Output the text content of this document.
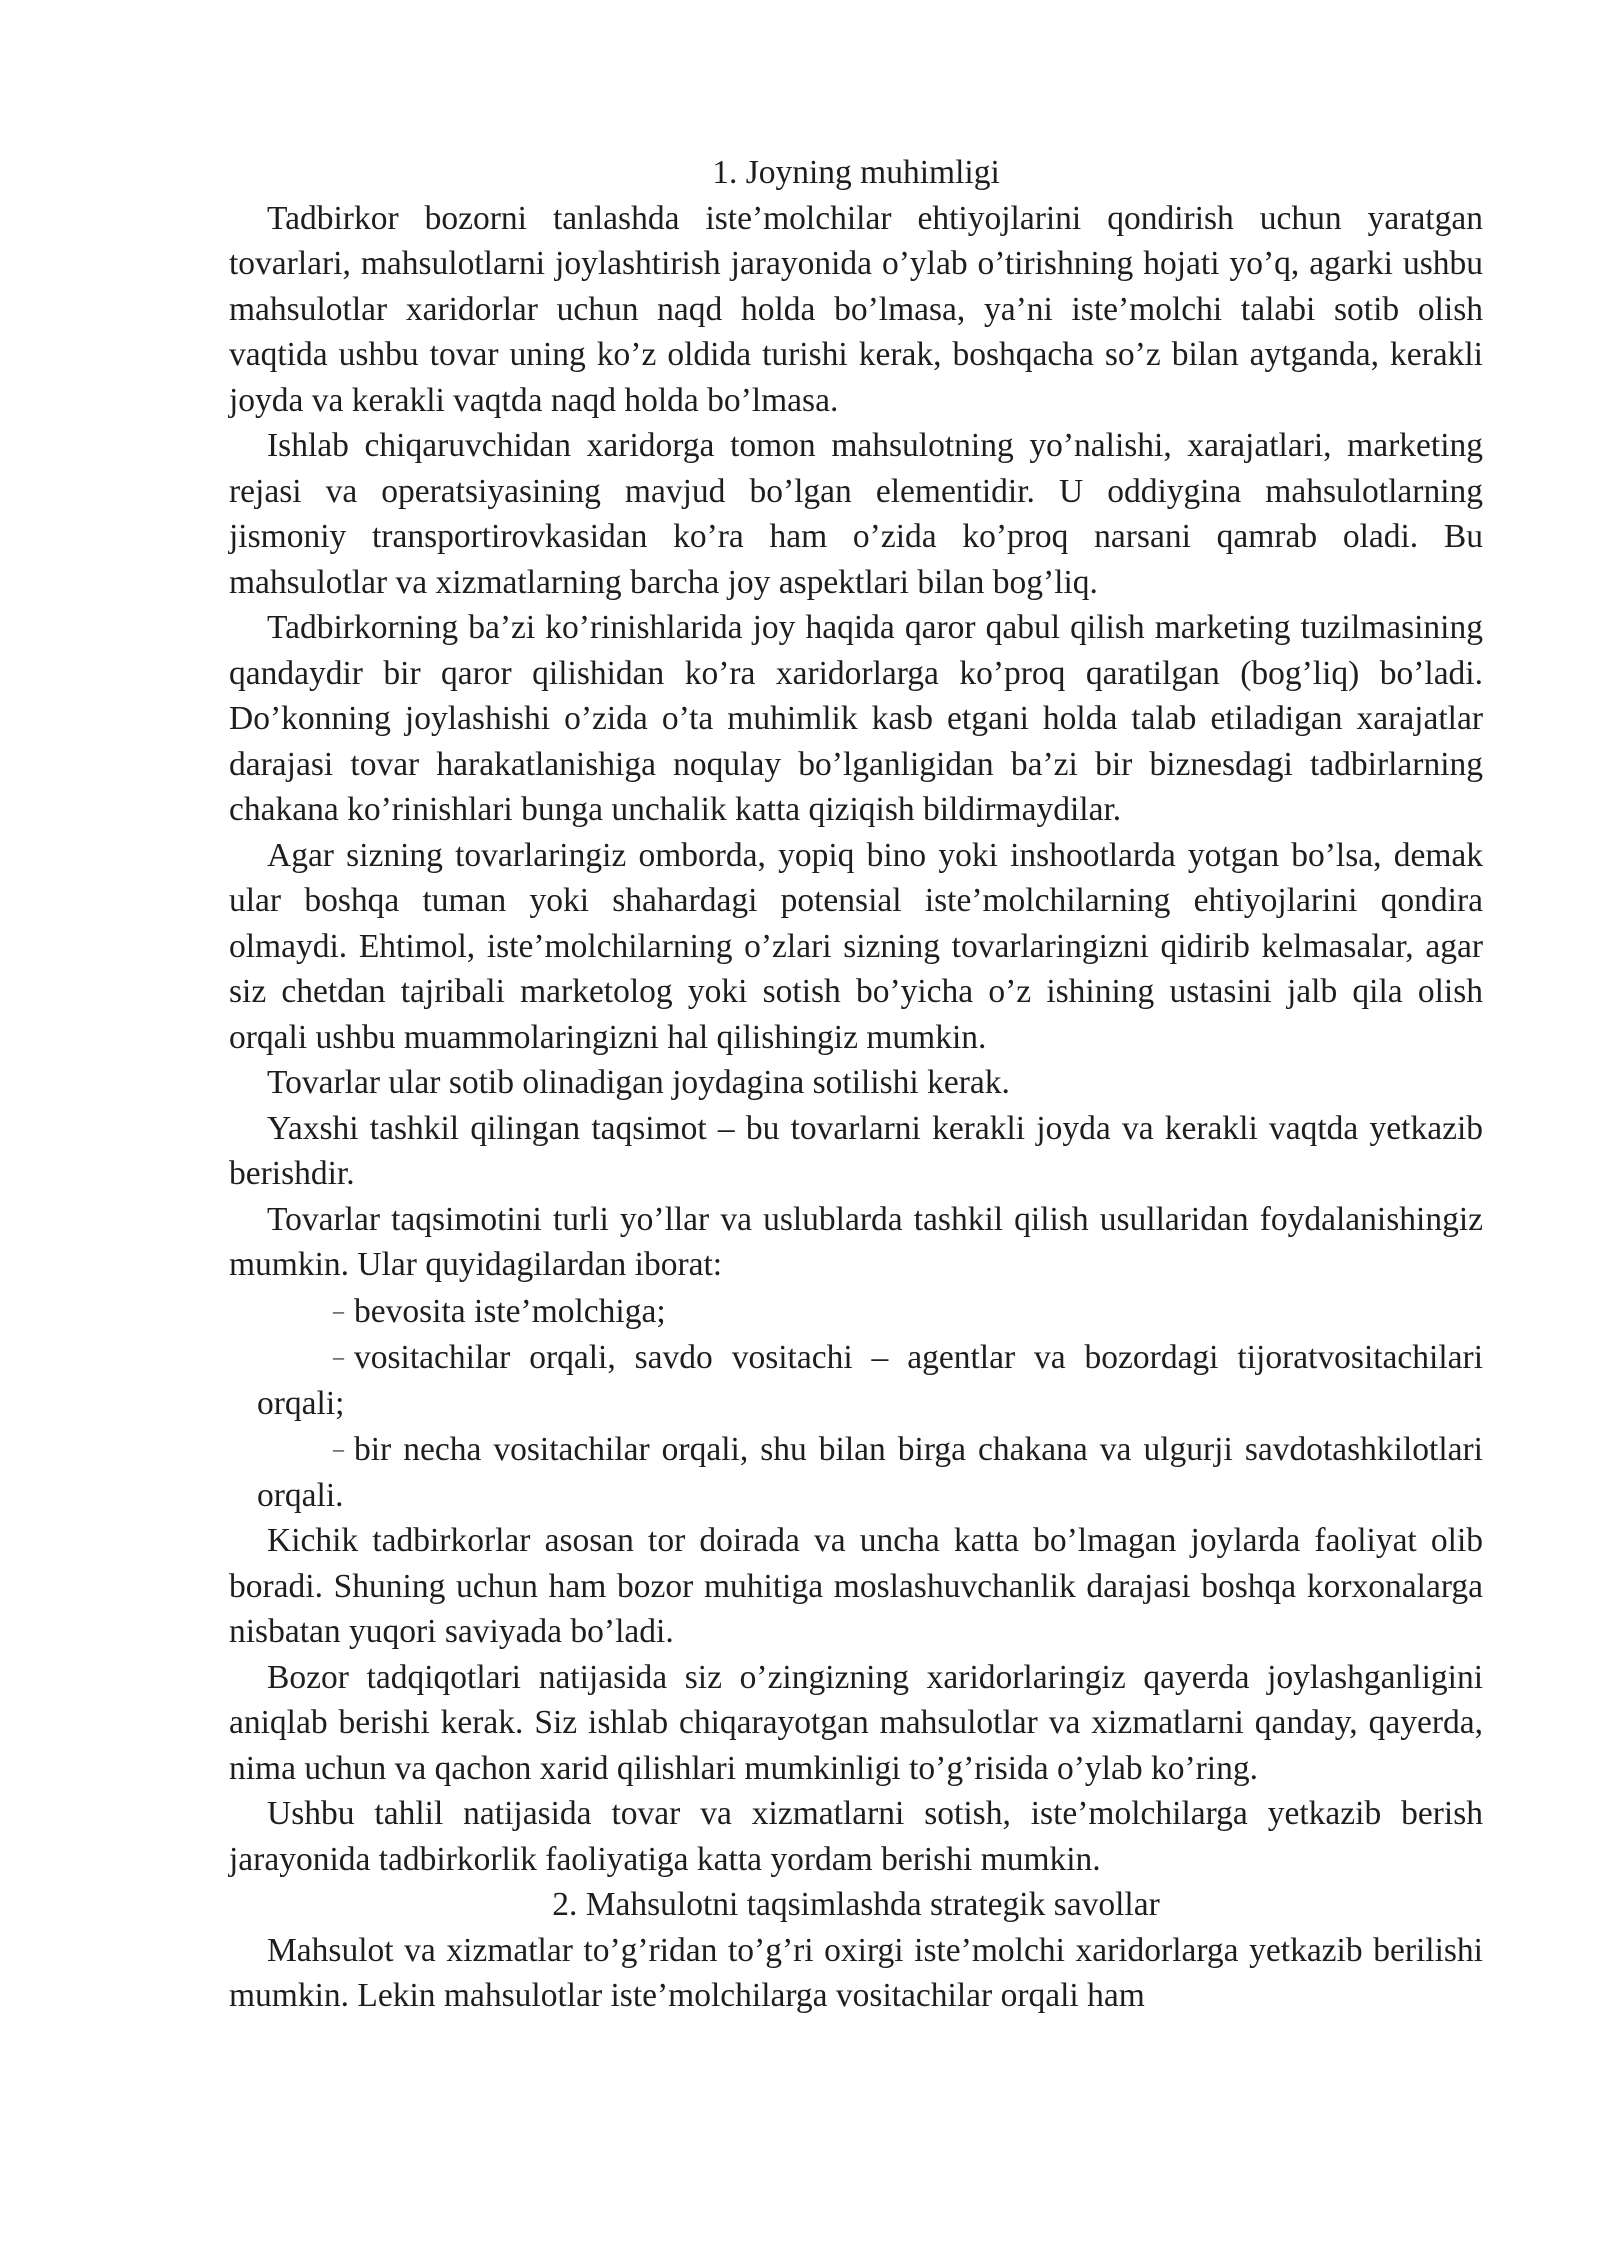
1. Joyning muhimligi

Tadbirkor bozorni tanlashda iste’molchilar ehtiyojlarini qondirish uchun yaratgan tovarlari, mahsulotlarni joylashtirish jarayonida o’ylab o’tirishning hojati yo’q, agarki ushbu mahsulotlar xaridorlar uchun naqd holda bo’lmasa, ya’ni iste’molchi talabi sotib olish vaqtida ushbu tovar uning ko’z oldida turishi kerak, boshqacha so’z bilan aytganda, kerakli joyda va kerakli vaqtda naqd holda bo’lmasa.

Ishlab chiqaruvchidan xaridorga tomon mahsulotning yo’nalishi, xarajatlari, marketing rejasi va operatsiyasining mavjud bo’lgan elementidir. U oddiygina mahsulotlarning jismoniy transportirovkasidan ko’ra ham o’zida ko’proq narsani qamrab oladi. Bu mahsulotlar va xizmatlarning barcha joy aspektlari bilan bog’liq.

Tadbirkorning ba’zi ko’rinishlarida joy haqida qaror qabul qilish marketing tuzilmasining qandaydir bir qaror qilishidan ko’ra xaridorlarga ko’proq qaratilgan (bog’liq) bo’ladi. Do’konning joylashishi o’zida o’ta muhimlik kasb etgani holda talab etiladigan xarajatlar darajasi tovar harakatlanishiga noqulay bo’lganligidan ba’zi bir biznesdagi tadbirlarning chakana ko’rinishlari bunga unchalik katta qiziqish bildirmaydilar.

Agar sizning tovarlaringiz omborda, yopiq bino yoki inshootlarda yotgan bo’lsa, demak ular boshqa tuman yoki shahardagi potensial iste’molchilarning ehtiyojlarini qondira olmaydi. Ehtimol, iste’molchilarning o’zlari sizning tovarlaringizni qidirib kelmasalar, agar siz chetdan tajribali marketolog yoki sotish bo’yicha o’z ishining ustasini jalb qila olish orqali ushbu muammolaringizni hal qilishingiz mumkin.

Tovarlar ular sotib olinadigan joydagina sotilishi kerak.

Yaxshi tashkil qilingan taqsimot – bu tovarlarni kerakli joyda va kerakli vaqtda yetkazib berishdir.

Tovarlar taqsimotini turli yo’llar va uslublarda tashkil qilish usullaridan foydalanishingiz mumkin. Ular quyidagilardan iborat:

– bevosita iste’molchiga;
– vositachilar orqali, savdo vositachi – agentlar va bozordagi tijoratvositachilari orqali;
– bir necha vositachilar orqali, shu bilan birga chakana va ulgurji savdotashkilotlari orqali.

Kichik tadbirkorlar asosan tor doirada va uncha katta bo’lmagan joylarda faoliyat olib boradi. Shuning uchun ham bozor muhitiga moslashuvchanlik darajasi boshqa korxonalarga nisbatan yuqori saviyada bo’ladi.

Bozor tadqiqotlari natijasida siz o’zingizning xaridorlaringiz qayerda joylashganligini aniqlab berishi kerak. Siz ishlab chiqarayotgan mahsulotlar va xizmatlarni qanday, qayerda, nima uchun va qachon xarid qilishlari mumkinligi to’g’risida o’ylab ko’ring.

Ushbu tahlil natijasida tovar va xizmatlarni sotish, iste’molchilarga yetkazib berish jarayonida tadbirkorlik faoliyatiga katta yordam berishi mumkin.

2. Mahsulotni taqsimlashda strategik savollar

Mahsulot va xizmatlar to’g’ridan to’g’ri oxirgi iste’molchi xaridorlarga yetkazib berilishi mumkin. Lekin mahsulotlar iste’molchilarga vositachilar orqali ham
